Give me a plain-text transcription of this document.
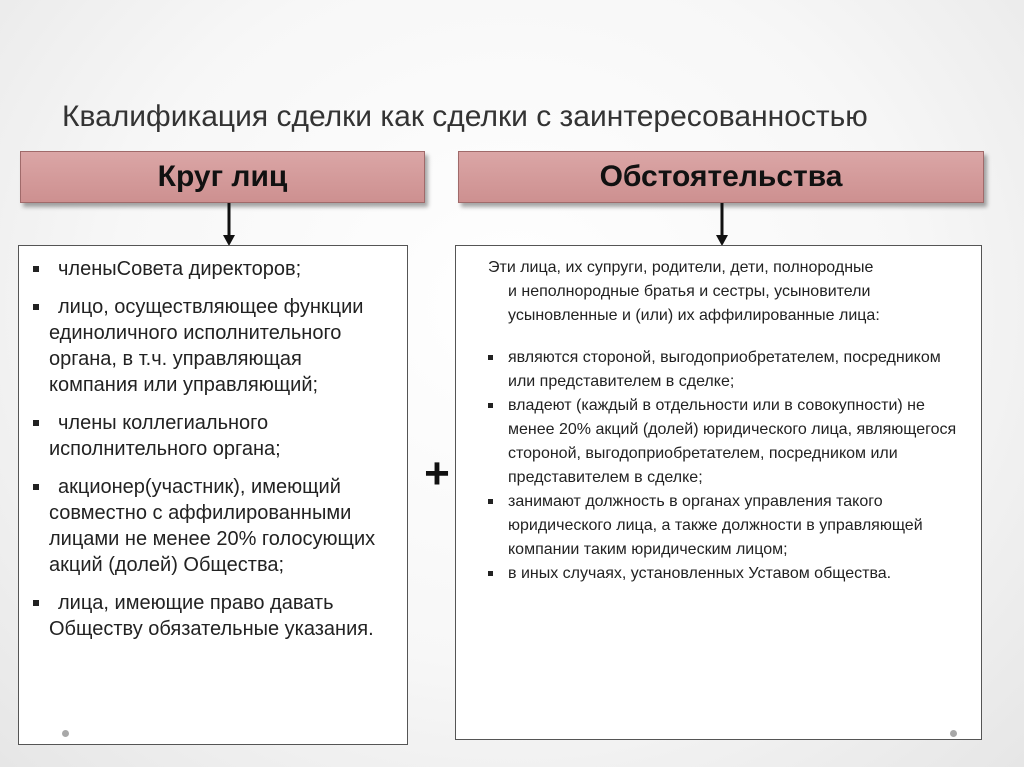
Квалификация сделки как сделки с заинтересованностью
Круг лиц	Обстоятельства
членыСовета директоров;
лицо, осуществляющее функции единоличного исполнительного органа, в т.ч. управляющая компания или управляющий;
члены коллегиального исполнительного органа;
акционер(участник), имеющий совместно с аффилированными лицами не менее 20% голосующих акций (долей) Общества;
лица, имеющие право давать Обществу обязательные указания.
+
Эти лица, их супруги, родители, дети, полнородные
и неполнородные братья и сестры, усыновители усыновленные и (или) их аффилированные лица:
являются стороной, выгодоприобретателем, посредником или представителем в сделке;
владеют (каждый в отдельности или в совокупности) не менее 20% акций (долей) юридического лица, являющегося стороной, выгодоприобретателем, посредником или представителем в сделке;
занимают должность в органах управления такого юридического лица, а также должности в управляющей компании таким юридическим лицом;
в иных случаях, установленных Уставом общества.
